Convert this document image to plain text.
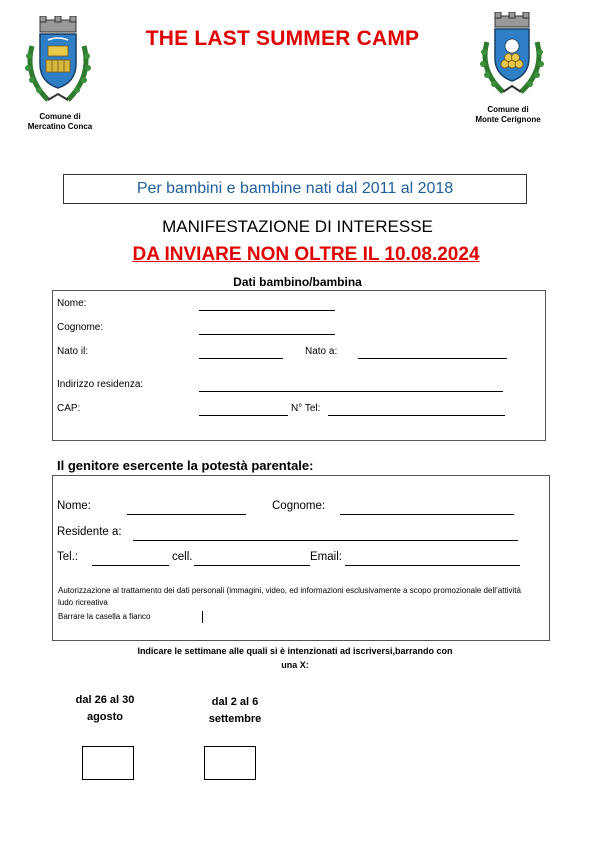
Comune di
Mercatino Conca
Comune di
Monte Cerignone
THE LAST SUMMER CAMP
Per bambini e bambine nati dal 2011 al 2018
MANIFESTAZIONE DI INTERESSE
DA INVIARE NON OLTRE IL 10.08.2024
Dati bambino/bambina
Nome:
Cognome:
Nato il:	Nato a:
Indirizzo residenza:
CAP:	N° Tel:
Il genitore esercente la potestà parentale:
Nome:	Cognome:
Residente a:
Tel.:	cell.	Email:
Autorizzazione al trattamento dei dati personali (immagini, video, ed informazioni esclusivamente a scopo promozionale dell’attività ludo ricreativa
Barrare la casella a fianco
Indicare le settimane alle quali si è intenzionati ad iscriversi,barrando con
una X:
dal 26 al 30
agosto
dal 2 al 6
settembre
